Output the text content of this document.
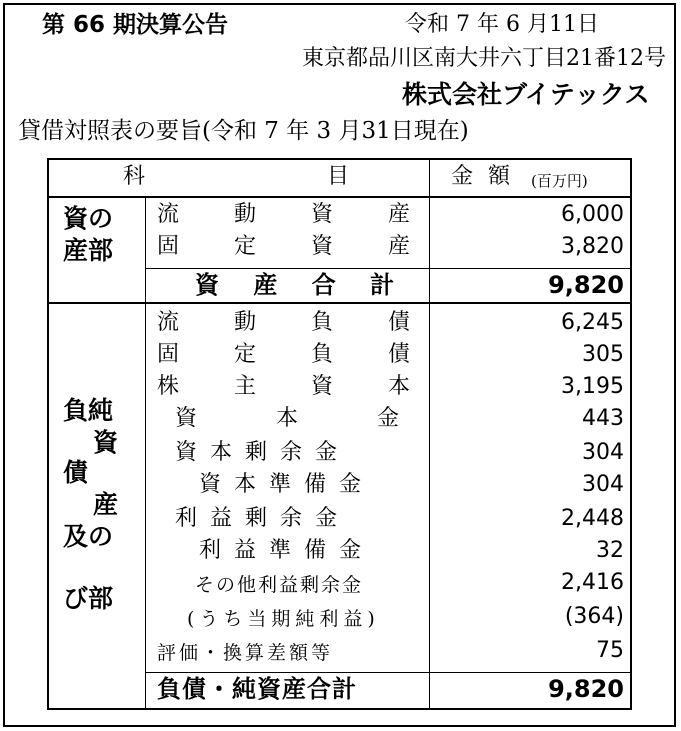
第 66 期決算公告	令和 7 年 6 月11日
東京都品川区南大井六丁目21番12号
株式会社ブイテックス
貸借対照表の要旨(令和 7 年 3 月31日現在)
科	目	金 額 (百万円)
資の
産部
流 動 資 産	6,000
固 定 資 産	3,820
資 産 合 計	9,820
負純
資
債
産
及の
び部
流 動 負 債	6,245
固 定 負 債	305
株 主 資 本	3,195
資 本 金	443
資本剰余金	304
資本準備金	304
利益剰余金	2,448
利益準備金	32
その他利益剰余金	2,416
(うち当期純利益)	(364)
評価・換算差額等	75
負債・純資産合計	9,820
